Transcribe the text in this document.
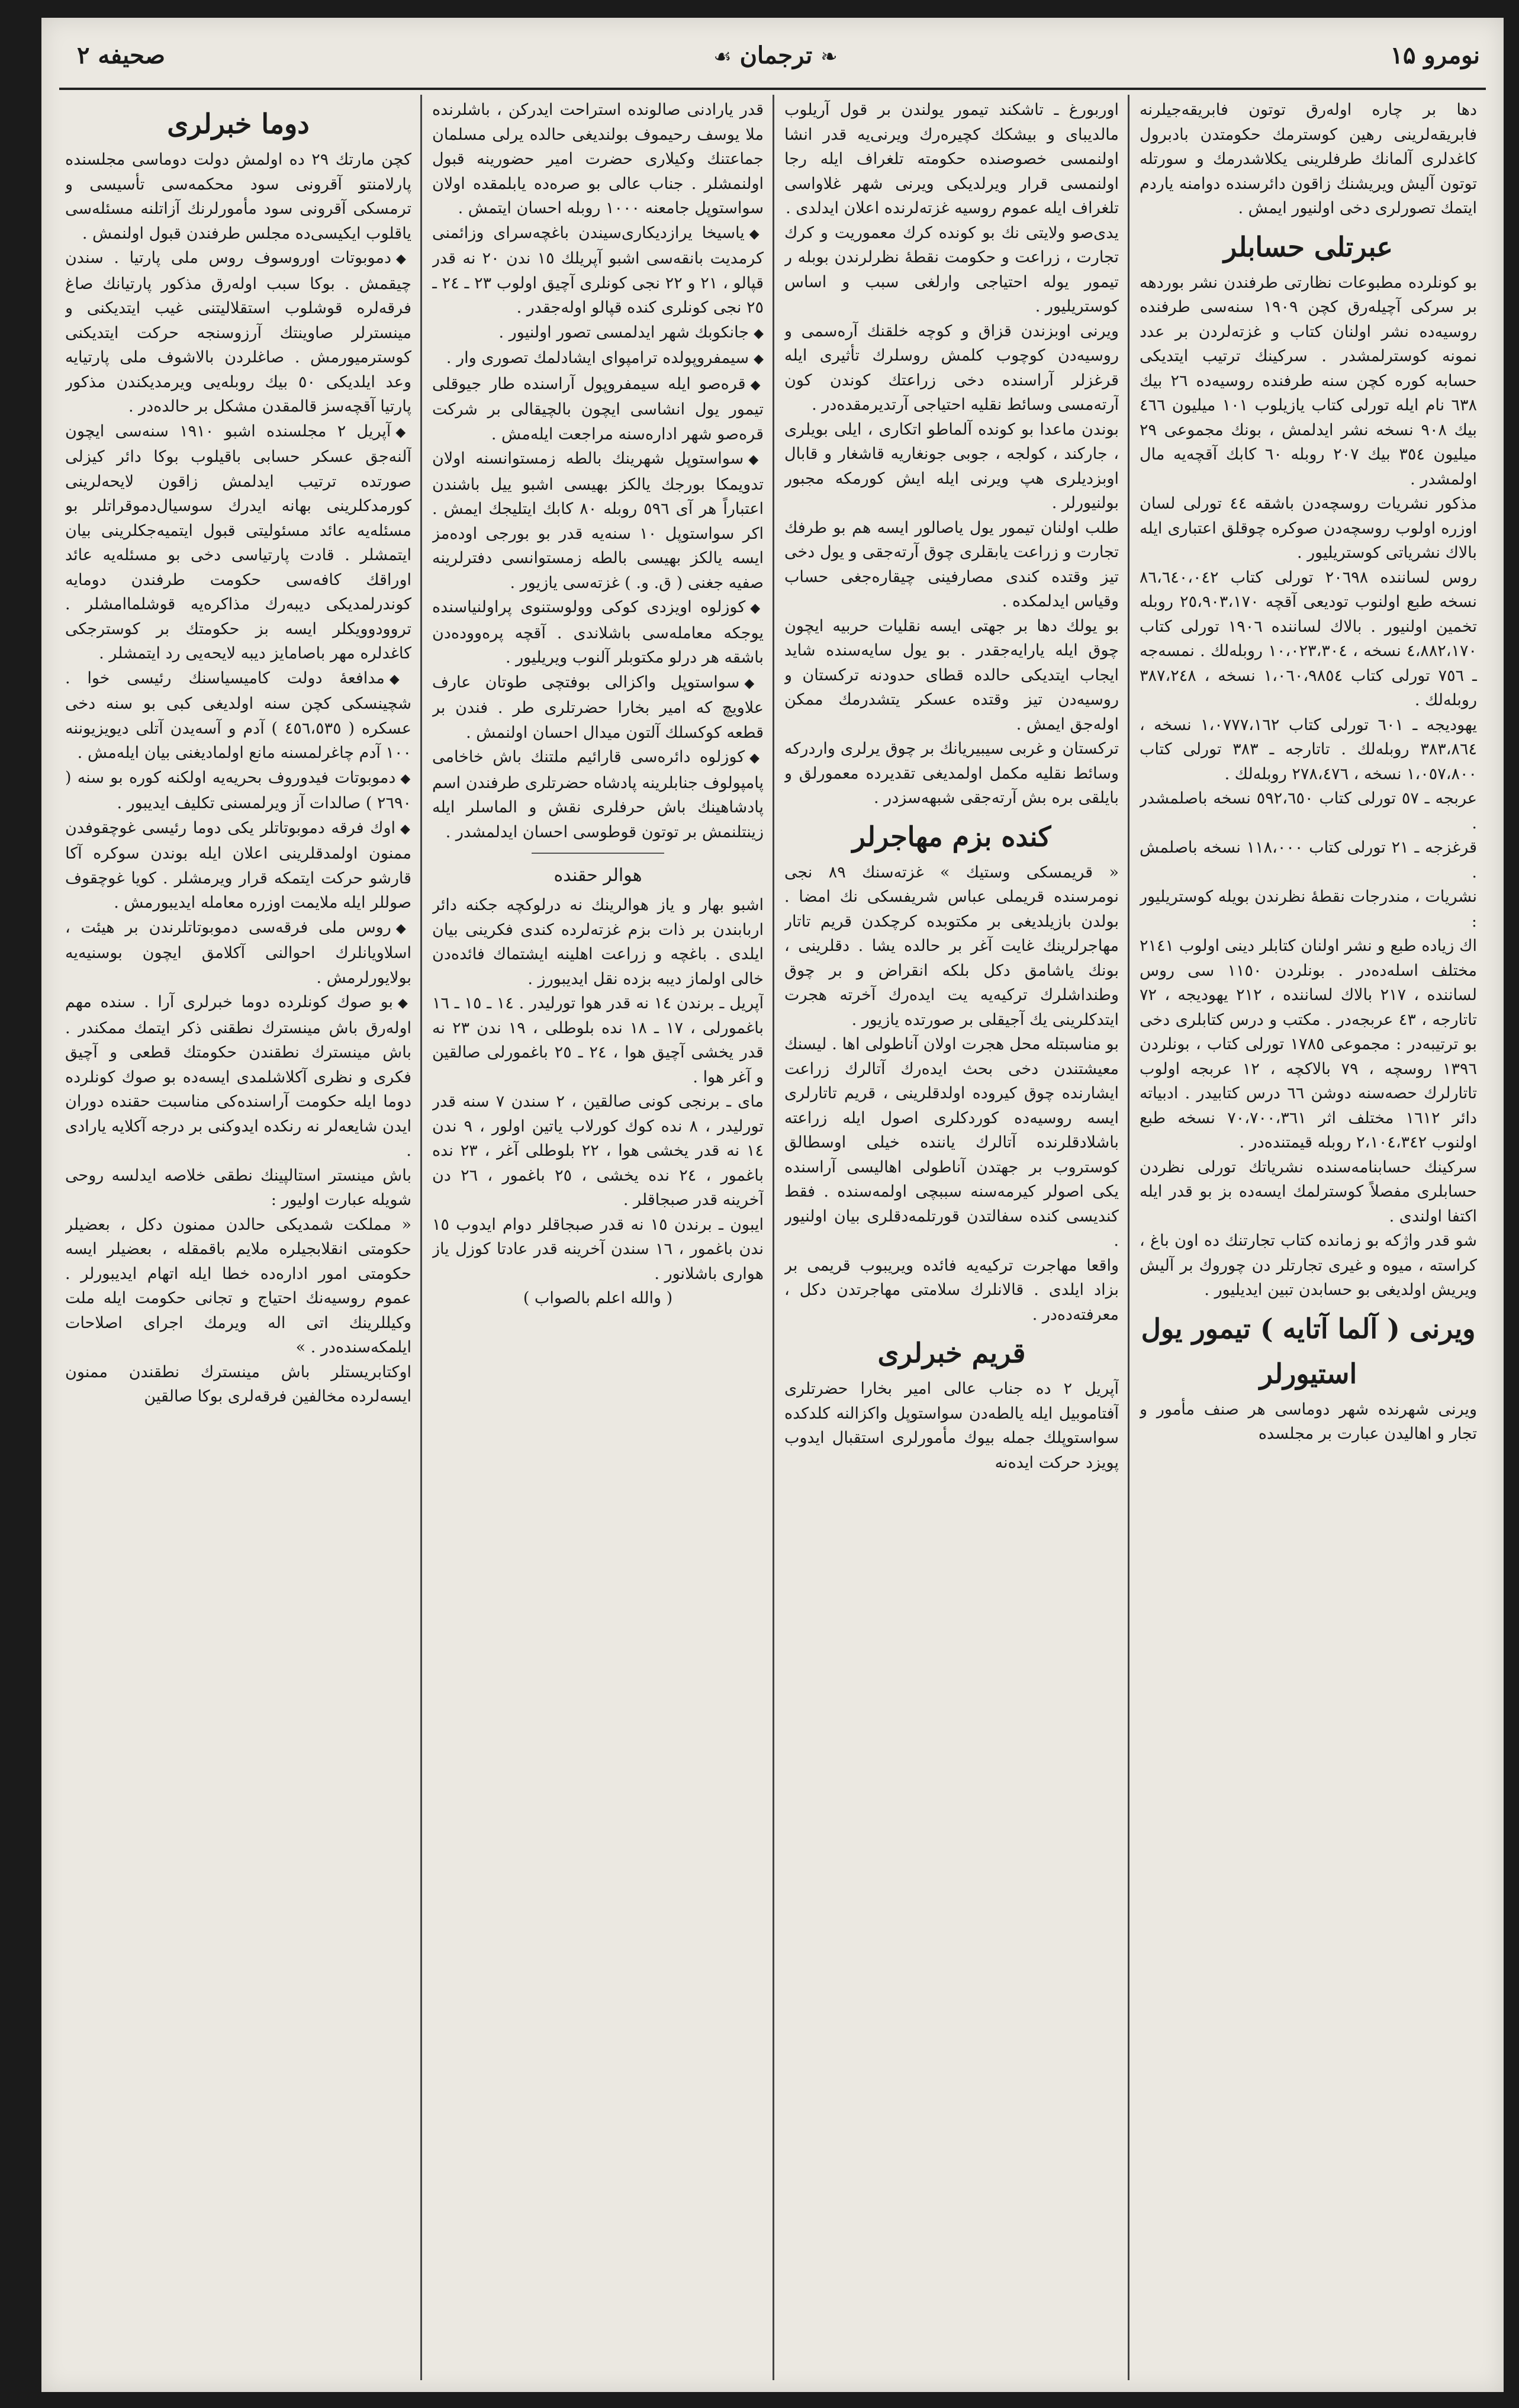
نومرو ۱۵
❧ ترجمان ☙
صحیفه ۲

دها بر چاره اولەرق توتون فابریقەجیلرنه فابریقەلرینی رهین کوسترمك حکومتدن بادبرول کاغدلری آلمانك طرفلرینی یکلاشدرمك و سورتله توتون آلیش ویریشنك زاقون دائرسنده دوامنه یاردم ایتمك تصورلری دخی اولنیور ایمش .

عبرتلی حسابلر

بو کونلرده مطبوعات نظارتی طرفندن نشر بوردهە بر سرکی آچیلەرق کچن ۱۹۰۹ سنەسی طرفنده روسیەده نشر اولنان کتاب و غزتەلردن بر عدد نمونه کوسترلمشدر . سرکینك ترتیب ایتدیکی حسابه کوره کچن سنه طرفنده روسیەده ۲٦ بیك ٦۳۸ نام ایله تورلی کتاب یازیلوب ۱۰۱ میلیون ٤٦٦ بیك ۹۰۸ نسخه نشر ایدلمش ، بونك مجموعی ۲۹ میلیون ۳٥٤ بیك ۲۰۷ روبله ٦۰ کابك آقچەیه مال اولمشدر .

مذکور نشریات روسچەدن باشقه ٤٤ تورلی لسان اوزره اولوب روسچەدن صوکره چوقلق اعتباری ایله بالاك نشریاتی کوستریلیور .

روس لسانندە ۲۰٦۹۸ تورلی کتاب ۸٦،٦٤۰،۰٤۲ نسخه طبع اولنوب تودیعی آقچه ۲٥،۹۰۳،۱۷۰ روبله تخمین اولنیور . بالاك لسانندە ۱۹۰٦ تورلی کتاب ٤،۸۸۲،۱۷۰ نسخه ، ۱۰،۰۲۳،۳۰٤ روبلەلك . نمسەجه ـ ۷٥٦ تورلی کتاب ۱،۰٦۰،۹۸٥٤ نسخه ، ۳۸۷،۲٤۸ روبلەلك .

یهودیجه ـ ٦۰۱ تورلی کتاب ۱،۰۷۷۷،۱٦۲ نسخه ، ۳۸۳،۸٦٤ روبلەلك . تاتارجه ـ ۳۸۳ تورلی کتاب ۱،۰٥۷،۸۰۰ نسخه ، ۲۷۸،٤۷٦ روبلەلك .

عربجه ـ ٥۷ تورلی کتاب ٥۹۲،٦٥۰ نسخه باصلمشدر .

قرغزجه ـ ۲۱ تورلی کتاب ۱۱۸،۰۰۰ نسخه باصلمش .

نشریات ، مندرجات نقطهٔ نظرندن بویله کوستریلیور :

اك زیاده طبع و نشر اولنان کتابلر دینی اولوب ۲۱٤۱ مختلف اسلەدەدر . بونلردن ۱۱٥۰ سی روس لسانندە ، ۲۱۷ بالاك لسانندە ، ۲۱۲ یهودیجه ، ۷۲ تاتارجه ، ٤۳ عربجه‌در . مکتب و درس کتابلری دخی بو ترتیبه‌در : مجموعی ۱۷۸٥ تورلی کتاب ، بونلردن ۱۳۹٦ روسچه ، ۷۹ بالاکچه ، ۱۲ عربجه اولوب تاتارلرك حصەسنه دوشن ٦٦ درس کتابیدر . ادبیاته دائر ۱٦۱۲ مختلف اثر ۷۰،۷۰۰،۳٦۱ نسخه طبع اولنوب ۲،۱۰٤،۳٤۲ روبله قیمتندەدر .

سرکینك حسابنامەسنده نشریاتك تورلی نظردن حسابلری مفصلاً کوسترلمك ایسەده بز بو قدر ایله اکتفا اولندی .

شو قدر واژکه بو زمانده کتاب تجارتنك ده اون باغ ، کراسته ، میوه و غیری تجارتلر دن چوروك بر آلیش ویریش اولدیغی بو حسابدن تبین ایدیلیور .

ویرنی ( آلما آتایه ) تیمور یول
استیورلر

ویرنی شهرنده شهر دوماسی هر صنف مأمور و تجار و اهالیدن عبارت بر مجلسده

اوربورغ ـ تاشکند تیمور یولندن بر قول آریلوب مالدیبای و بیشکك کچیرەرك ویرنی‌یه قدر انشا اولنمسی خصوصنده حکومته تلغراف ایله رجا اولنمسی قرار ویرلدیکی ویرنی شهر غلاواسی تلغراف ایله عموم روسیه غزتەلرنده اعلان ایدلدی .

یدی‌صو ولایتی نك بو کوندە کرك معموریت و کرك تجارت ، زراعت و حکومت نقطهٔ نظرلرندن بوبله ر تیمور یوله احتیاجی وارلغی سبب و اساس کوستریلیور .

ویرنی اوبزندن قزاق و کوچه خلقنك آرەسمی و روسیەدن کوچوب کلمش روسلرك تأثیری ایله قرغزلر آراسنده دخی زراعتك کوندن کون آرتەمسی وسائط نقلیه احتیاجی آرتدیرمقدەدر .

بوندن ماعدا بو کونده آلماطو اتکاری ، ایلی بویلری ، جارکند ، کولجه ، جوبی جونغاریه قاشغار و قابال اوبزدیلری هپ ویرنی ایله ایش کورمکه مجبور بولنیورلر .

طلب اولنان تیمور یول یاصالور ایسه هم بو طرفك تجارت و زراعت یابقلری چوق آرتەجقی و یول دخی تیز وقتده کندی مصارفینی چیقارەجغی حساب وقیاس ایدلمکده .

بو یولك دها بر جهتی ایسه نقلیات حربیه ایچون چوق ایله یارایەجقدر . بو یول سایەسنده شاید ایجاب ایتدیکی حالده قطای حدودنه ترکستان و روسیەدن تیز وقتده عسکر یتشدرمك ممکن اولەجق ایمش .

ترکستان و غربی سیبیریانك بر چوق یرلری واردرکه وسائط نقلیه مکمل اولمدیغی تقدیرده معمورلق و بایلقی بره بش آرتەجقی شبهەسزدر .

کنده بزم مهاجرلر

« قریمسکی وستیك » غزتەسنك ۸۹ نجی نومرسنده قریملی عباس شریفسکی نك امضا . بولدن بازیلدیغی بر مکتوبده کرچکدن قریم تاتار مهاجرلرینك غایت آغر بر حالده یشا . دقلرینی ، بونك یاشامق دکل بلکه انقراض و بر چوق وطنداشلرك ترکیه‌یه یت ایدەرك آخرته هجرت ایتدکلرینی یك آجیقلی بر صورتده یازیور .

بو مناسبتله محل هجرت اولان آناطولی اها . لیسنك معیشتندن دخی بحث ایدەرك آتالرك زراعت ایشارنده چوق کیروده اولدقلرینی ، قریم تاتارلری ایسه روسیەده کوردکلری اصول ایله زراعته باشلادقلرنده آتالرك یاننده خیلی اوسطالق کوستروب بر جهتدن آناطولی اهالیسی آراسنده یکی اصولر کیرمه‌سنه سببچی اولمەسنده . فقط کندیسی کنده سفالتدن قورتلمەدقلری بیان اولنیور .

واقعا مهاجرت ترکیه‌یه فائده ویریبوب قریمی بر بزاد ایلدی . قالانلرك سلامتی مهاجرتدن دکل ، معرفتەدەدر .

قریم خبرلری

آپریل ۲ ده جناب عالی امیر بخارا حضرتلری آفتاموبیل ایله یالطەدن سواستوپل واکزالنه کلدکده سواستوپلك جمله بیوك مأمورلری استقبال ایدوب پویزد حرکت ایدەنه

قدر یارادنی صالونده استراحت ایدرکن ، باشلرنده ملا یوسف رحیموف بولندیغی حالده یرلی مسلمان جماعتنك وکیلاری حضرت امیر حضورینه قبول اولنمشلر . جناب عالی بو صرەده یابلمقده اولان سواستوپل جامعنه ۱۰۰۰ روبله احسان ایتمش .

◆یاسیخا یرازدیکاری‌سیندن باغچه‌سرای وزائمنی کرمدیت بانقەسی اشبو آپریلك ۱٥ ندن ۲۰ نه قدر قپالو ، ۲۱ و ۲۲ نجی کونلری آچیق اولوب ۲۳ ـ ۲٤ ـ ۲٥ نجی کونلری کنده قپالو اولەجقدر .

◆جانکوبك شهر ایدلمسی تصور اولنیور .

◆سیمفروپولده ترامپوای ایشادلمك تصوری وار .

◆قرەصو ایله سیمفروپول آراسنده طار جیوقلی تیمور یول انشاسی ایچون بالچیقالی بر شرکت قرەصو شهر ادارەسنه مراجعت ایلەمش .

◆سواستوپل شهرینك بالطه زمستوانسنه اولان تدویمکا بورجك یالکز بهیسی اشبو ییل باشندن اعتباراً هر آی ٥۹٦ روبله ۸۰ کابك ایتلیجك ایمش . اکر سواستوپل ۱۰ سنه‌یه قدر بو بورجی اودەمز ایسه یالکز بهیسی بالطه زمستوانسی دفترلرینه صفیه جغنی ( ق. و. ) غزتەسی یازیور .

◆کوزلوه اویزدی کوکی وولوستنوی پراولنیاسنده یوجکه معامله‌سی باشلاندی . آقچه پرەوودەدن باشقه هر درلو مکتوبلر آلنوب ویریلیور .

◆سواستوپل واکزالی بوفتچی طوتان عارف علاویچ که امیر بخارا حضرتلری طر . فندن بر قطعه کوکسلك آلتون میدال احسان اولنمش .

◆کوزلوه دائرەسی قارائیم ملتنك باش خاخامی پامپولوف جنابلرینه پادشاه حضرتلری طرفندن اسم پادشاهینك باش حرفلری نقش و الماسلر ایله زینتلنمش بر توتون قوطوسی احسان ایدلمشدر .

هوالر حقنده

اشبو بهار و یاز هوالرینك نه درلوکچه جکنه دائر اربابندن بر ذات بزم غزتەلرده کندی فکرینی بیان ایلدی . باغچه و زراعت اهلینه ایشتماك فائدەدن خالی اولماز دیبه بزده نقل ایدیبورز .

آپریل ـ برندن ۱٤ نه قدر هوا تورلیدر . ۱٤ ـ ۱٥ ـ ۱٦ باغمورلی ، ۱۷ ـ ۱۸ نده بلوطلی ، ۱۹ ندن ۲۳ نه قدر یخشی آچیق هوا ، ۲٤ ـ ۲٥ باغمورلی صالقین و آغر هوا .

مای ـ برنجی کونی صالقین ، ۲ سندن ۷ سنه قدر تورلیدر ، ۸ ندە کوك کورلاب یاتین اولور ، ۹ ندن ۱٤ نه قدر یخشی هوا ، ۲۲ بلوطلی آغر ، ۲۳ نده باغمور ، ۲٤ نده یخشی ، ۲٥ باغمور ، ۲٦ دن آخرینه قدر صبجاقلر .

ایبون ـ برندن ۱٥ نه قدر صبجاقلر دوام ایدوب ۱٥ ندن باغمور ، ۱٦ سندن آخرینه قدر عادتا کوزل یاز هواری باشلانور .

( والله اعلم بالصواب )

دوما خبرلری

کچن مارتك ۲۹ ده اولمش دولت دوماسی مجلسنده پارلامنتو آقرونی سود محکمه‌سی تأسیسی و ترمسکی آقرونی سود مأمورلرنك آزاتلنه مسئلەسی یاقلوب ایکیسی‌ده مجلس طرفندن قبول اولنمش .

◆دموبوتات اوروسوف روس ملی پارتیا . سندن چیقمش . بوکا سبب اولەرق مذکور پارتیانك صاغ فرقەلره قوشلوب استقلالیتنی غیب ایتدیکنی و مینسترلر صاوینتك آرزوسنجه حرکت ایتدیکنی کوسترمیورمش . صاغلردن بالاشوف ملی پارتیایه وعد ایلدیکی ٥۰ بیك روبلەیی ویرمدیکندن مذکور پارتیا آقچەسز قالمقدن مشکل بر حالدەدر .

◆آپریل ۲ مجلسنده اشبو ۱۹۱۰ سنەسی ایچون آلنەجق عسکر حسابی باقیلوب بوکا دائر کیزلی صورتده ترتیب ایدلمش زاقون لایحەلرینی کورمدکلرینی بهانه ایدرك سوسیال‌دموقراتلر بو مسئلەیه عائد مسئولیتی قبول ایتمیەجکلرینی بیان ایتمشلر . قادت پارتیاسی دخی بو مسئلەیه عائد اوراقك کافەسی حکومت طرفندن دومایه کوندرلمدیکی دیبەرك مذاکرەیه قوشلماامشلر . تروودوویکلر ایسه بز حکومتك بر کوسترجکی کاغدلره مهر باصامایز دیبه لایحەیی رد ایتمشلر .

◆مدافعهٔ دولت کامیسیاسنك رئیسی خوا . شچینسکی کچن سنه اولدیغی کبی بو سنه دخی عسکره ( ٤٥٦،٥۳٥ ) آدم و آسەیدن آتلی دیویزیوننه ۱۰۰ آدم چاغرلمسنه مانع اولمادیغنی بیان ایلەمش .

◆دموبوتات فیدوروف بحریەیه اولکنه کوره بو سنه ( ۲٦۹۰ ) صالدات آز ویرلمسنی تکلیف ایدیبور .

◆اوك فرقه دموبوتاتلر یکی دوما رئیسی غوچقوفدن ممنون اولمدقلرینی اعلان ایله بوندن سوکره آکا قارشو حرکت ایتمکه قرار ویرمشلر . کویا غوچقوف صوللر ایله ملایمت اوزره معامله ایدیبورمش .

◆روس ملی فرقەسی دموبوتاتلرندن بر هیئت ، اسلاویانلرك احوالنی آکلامق ایچون بوسنیه‌یه بولایورلرمش .

◆بو صوك کونلرده دوما خبرلری آرا . سنده مهم اولەرق باش مینسترك نطقنی ذکر ایتمك ممکندر . باش مینسترك نطقندن حکومتك قطعی و آچیق فکری و نظری آکلاشلمدی ایسه‌ده بو صوك کونلرده دوما ایله حکومت آراسنده‌کی مناسبت حقنده دوران ایدن شایعه‌لر نه رنکده ایدوکنی بر درجه آکلایه یارادی .

باش مینستر استالپینك نطقی خلاصه ایدلسه روحی شویله عبارت اولیور :

« مملکت شمدیکی حالدن ممنون دکل ، بعضیلر حکومتی انقلابجیلره ملایم باقمقله ، بعضیلر ایسه حکومتی امور ادارەده خطا ایله اتهام ایدیبورلر . عموم روسیەنك احتیاج و تجانی حکومت ایله ملت وکیللرینك اتی اله ویرمك اجرای اصلاحات ایلمکەسنده‌در . »

اوکتابریستلر باش مینسترك نطقندن ممنون ایسەلرده مخالفین فرقەلری بوکا صالقین
